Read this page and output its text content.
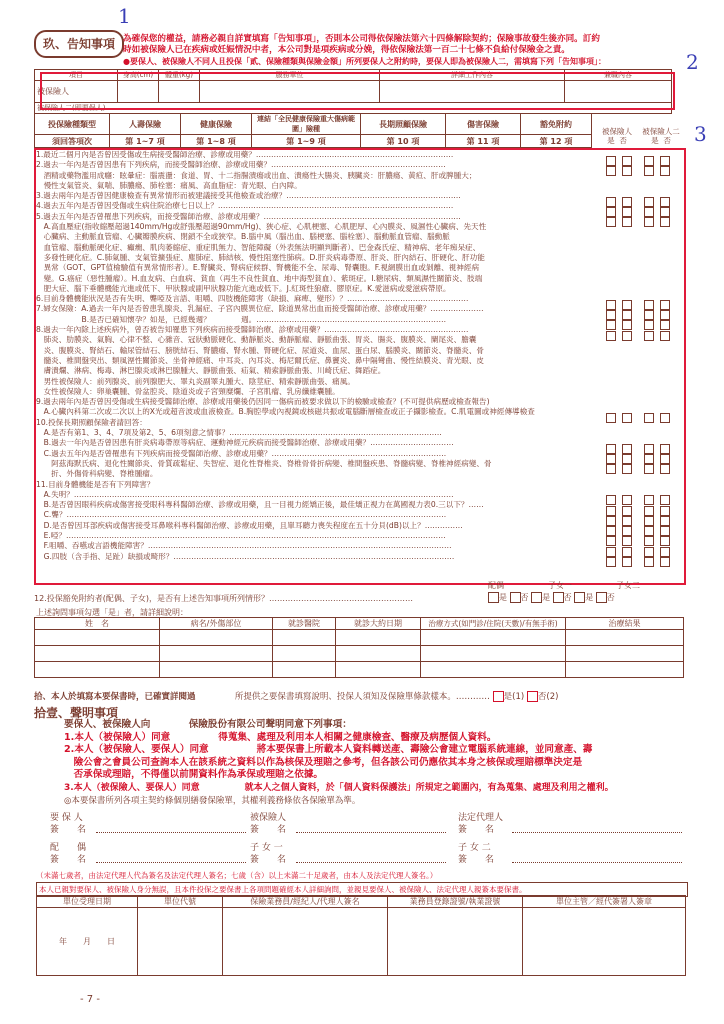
玖、告知事項 為確保您的權益，請務必親自詳實填寫「告知事項」，否則本公司得依保險法第六十四條解除契約；保險事故發生後亦同。訂約
時如被保險人已在疾病或妊娠情況中者，本公司對是項疾病或分娩，得依保險法第一百二十七條不負給付保險金之責。
●要保人、被保險人不同人且投保「貳、保險種類與保險金額」所列要保人之附約時，要保人即為被保險人二，需填寫下列「告知事項」：
1
2
3
項目	身高(cm)	體重(kg)	服務單位	詳細工作內容	兼職內容
被保險人					
被保險人二(即要保人)					
投保險種類型	人壽保險	健康保險	連結「全民健康保險重大傷病範圍」險種	長期照顧保險	傷害保險	豁免附約
須回答項次	第 1~7 項	第 1~8 項	第 1~9 項	第 10 項	第 11 項	第 12 項
被保險人
是 否
被保險人二
是 否
1.最近二個月內是否曾因受傷或生病接受醫師治療、診療或用藥？……………………………………………………………………
2.過去一年內是否曾因患有下列疾病，而接受醫師治療、診療或用藥？……………………………………………………………
　酒精或藥物濫用成癮：眩暈症：腦震盪：食道、胃、十二指腸潰瘍或出血、潰瘍性大腸炎、胰臟炎：肝膿瘍、黃疸、肝或脾腫大；
　慢性支氣管炎、氣喘、肺膿瘍、肺栓塞：痛風、高血脂症：青光眼、白內障。
3.過去兩年內是否曾因健康檢查有異常情形而被建議接受其他檢查或治療？……………………………………………………………
4.過去五年內是否曾因受傷或生病住院治療七日以上？…………………………………………………………………………………
5.過去五年內是否曾罹患下列疾病，而接受醫師治療、診療或用藥？……………………………………………………………………
　A.高血壓症(指收縮壓超過140mm/Hg或舒張壓超過90mm/Hg)、狹心症、心肌梗塞、心肌肥厚、心內膜炎、風濕性心臟病、先天性
　心臟病、主動脈血管瘤、心臟瓣膜疾病、閉鎖不全或狹窄。B.腦中風（腦出血、腦梗塞、腦栓塞）、腦動脈血管瘤、腦動脈
　血管瘤、腦動脈硬化症、癲癇、肌肉萎縮症、重症肌無力、智能障礙（外表無法明顯判斷者）、巴金森氏症、精神病、老年痴呆症、
　多發性硬化症。C.肺氣腫、支氣管擴張症、塵肺症、肺結核、慢性阻塞性肺病。D.肝炎病毒帶原、肝炎、肝內結石、肝硬化、肝功能
　異常（GOT、GPT值檢驗值有異常情形者）。E.腎臟炎、腎病症候群、腎機能不全、尿毒、腎囊胞。F.視網膜出血或剝離、視神經病
　變。G.癌症（惡性腫瘤）。H.血友病、白血病、貧血（再生不良性貧血、地中海型貧血）、紫斑症。I.糖尿病、類風濕性關節炎、肢端
　肥大症、腦下垂體機能亢進或低下、甲狀腺或副甲狀腺功能亢進或低下。J.紅斑性狼瘡、膠原症。K.愛滋病或愛滋病帶原。
6.目前身體機能狀況是否有失明、聾啞及言語、咀嚼、四肢機能障害（缺損、麻痺、變形）？…………………………………………
7.婦女保險：A.過去一年內是否曾患乳腺炎、乳漏症、子宮內膜異位症、除道異常出血而接受醫師治療、診療或用藥？…………………
　　　　　　B.是否已確知懷孕？如是，已經幾週？　　　　週。…………………………………………………………………
8.過去一年內除上述疾病外，曾否被告知罹患下列疾病而接受醫師治療、診療或用藥？…………………………………………………
　肺炎、肋膜炎、氣胸、心律不整、心雜音、冠狀動脈硬化、動靜脈炎、動靜脈瘤、靜脈曲張、胃炎、腸炎、腹膜炎、闌尾炎、膽囊
　炎、腹膜炎、腎結石、輸尿管結石、膀胱結石、腎膿瘍、腎水腫、腎硬化症、尿道炎、血尿、蛋白尿、腦膜炎、關節炎、脊髓炎、骨
　髓炎、椎間盤突出、類風溼性關節炎、坐骨神經痛、中耳炎、內耳炎、梅尼爾氏症、鼻竇炎、鼻中隔彎曲、慢性結膜炎、青光眼、皮
　膚潰爛、淋病、梅毒、淋巴腺炎或淋巴腺腫大、靜脈曲張、疝氣、精索靜脈曲張、川崎氏症、舞蹈症。
　男性被保險人：前列腺炎、前列腺肥大、睪丸炎副睪丸腫大、陰莖症、精索靜脈曲張、痛風。
　女性被保險人：卵巢囊腫、骨盆腔炎、陰道炎或子宮頸糜爛、子宮肌瘤、乳房纖維囊腫。
9.過去兩年內是否曾因受傷或生病接受醫師治療、診療或用藥後仍因同一傷病而被要求做以下的檢驗或檢查？(不可提供病歷或檢查報告)
　A.心臟內科第二次或二次以上的X光或超音波或血液檢查。B.胸腔學或內視鏡或核磁共振或電腦斷層檢查或正子攝影檢查。C.肌電圖或神經傳導檢查
10.投保長期照顧保險者請回答：
　A.是否有第1、3、4、7項及第2、5、6項刻意之情事？…………………………………………………………………………
　B.過去一年內是否曾因患有肝炎病毒帶原等病症、運動神經元疾病而接受醫師治療、診療或用藥？……………………………
　C.過去五年內是否曾罹患有下列疾病而接受醫師治療、診療或用藥？……………………………………………………………
　　阿茲海默氏病、退化性關節炎、骨質疏鬆症、失智症、退化性脊椎炎、脊椎骨骨折病變、椎間盤疾患、脊髓病變、脊椎神經病變、骨
　　折、外傷骨科病變、脊椎腫瘤。
11.目前身體機能是否有下列障害？
　A.失明？……………………………………………………………………………………………………………………………………
　B.是否曾因眼科疾病或傷害接受眼科專科醫師治療、診療或用藥，且一目視力經矯正後，最佳矯正視力在萬國視力表0.三以下？……
　C.聾？……………………………………………………………………………………………………………………………………
　D.是否曾因耳部疾病或傷害接受耳鼻喉科專科醫師治療、診療或用藥，且單耳聽力喪失程度在五十分貝(dB)以上？……………
　E.啞？……………………………………………………………………………………………………………………………………
　F.咀嚼、吞嚥或言語機能障害？…………………………………………………………………………………………………………
　G.四肢（含手指、足趾）缺損或畸形？…………………………………………………………………………………………………
配偶	子女一	子女二
12.投保豁免附約者(配偶、子女)，是否有上述告知事項所列情形？………………………………………………	是 否 是 否 是 否
上述詢問事項勾選「是」者，請詳細說明：
姓　名	病名/外傷部位	就診醫院	就診大約日期	治療方式(如門診/住院(天數)/有無手術)	治療結果

拾、本人於填寫本要保書時，已確實詳閱過	所提供之要保書填寫說明、投保人須知及保險單條款樣本。………… 是(1) 否(2)
拾壹、聲明事項
要保人、被保險人向　　　　保險股份有限公司聲明同意下列事項：
1.本人（被保險人）同意　　　　　得蒐集、處理及利用本人相關之健康檢查、醫療及病歷個人資料。
2.本人（被保險人、要保人）同意　　　　　將本要保書上所載本人資料轉送產、壽險公會建立電腦系統連線，並同意產、壽
　險公會之會員公司查詢本人在該系統之資料以作為核保及理賠之參考，但各該公司仍應依其本身之核保或理賠標準決定是
　否承保或理賠，不得僅以前開資料作為承保或理賠之依據。
3.本人（被保險人、要保人）同意　　　　　就本人之個人資料，於「個人資料保護法」所規定之範圍內，有為蒐集、處理及利用之權利。
◎本要保書所列各項主契約條個別繕發保險單，其權利義務條依各保險單為準。
要 保 人
簽　　名
被保險人
簽　　名
法定代理人
簽　　名
配　　偶
簽　　名
子 女 一
簽　　名
子 女 二
簽　　名
（未滿七歲者，由法定代理人代為簽名及法定代理人簽名；七歲（含）以上未滿二十足歲者，由本人及法定代理人簽名。）
本人已親對要保人、被保險人身分無誤，且本件投保之要保書上各項問題確經本人詳細詢問，並親見要保人、被保險人、法定代理人親簽本要保書。
單位受理日期	單位代號	保險業務員/經紀人/代理人簽名	業務員登錄證號/執業證號	單位主管／經代簽署人簽章
年　　月　　日				
- 7 -
